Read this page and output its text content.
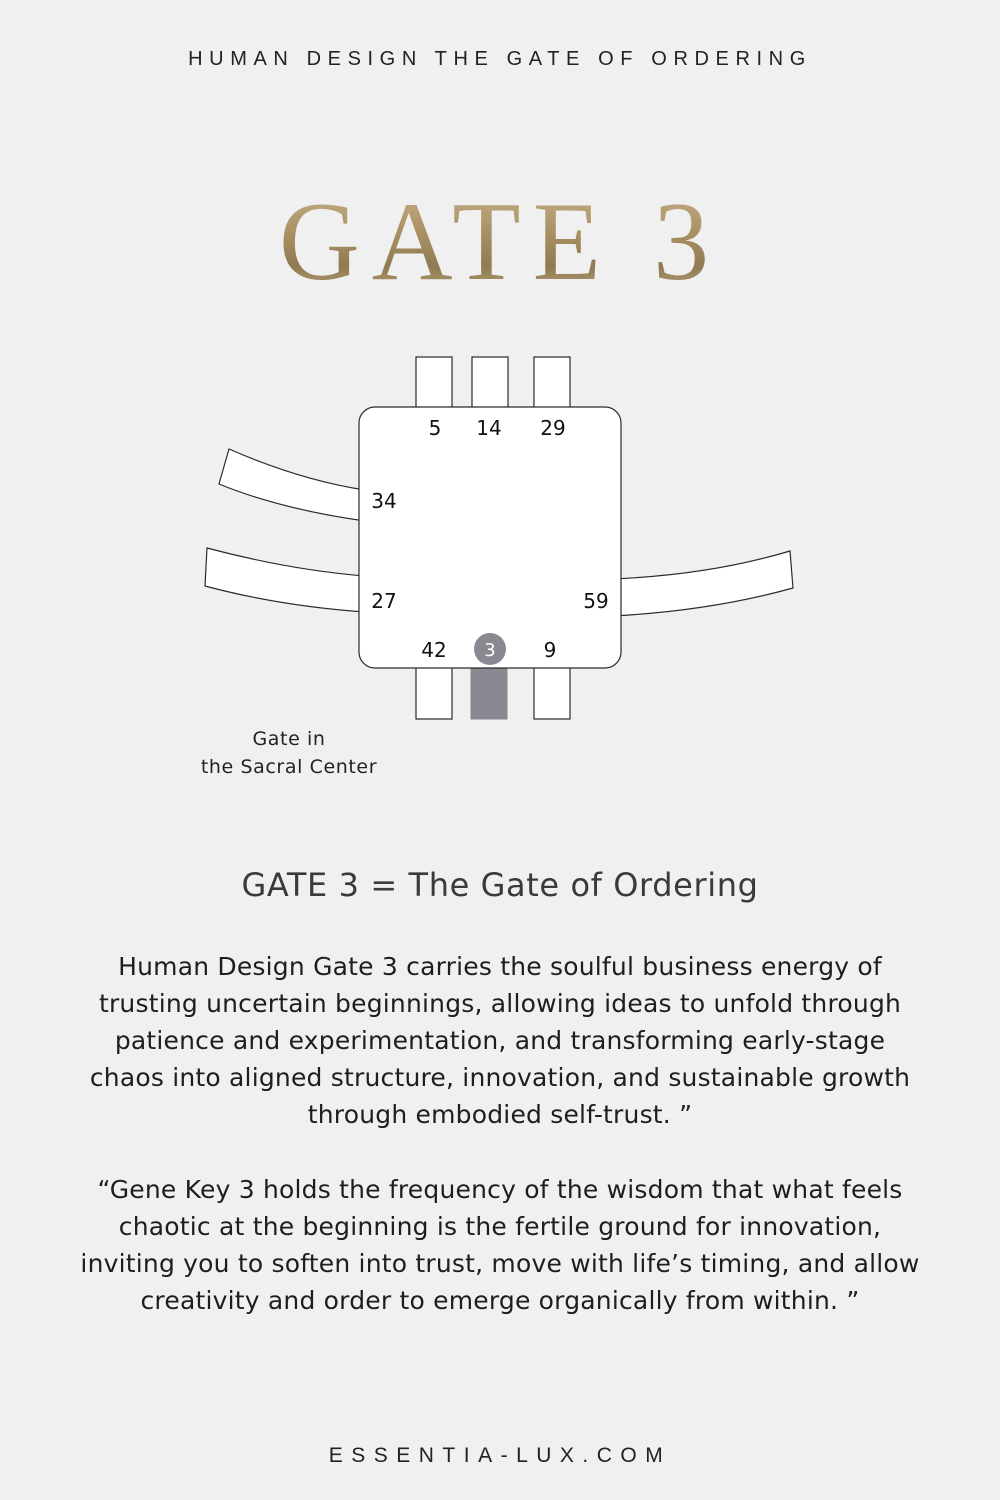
HUMAN DESIGN THE GATE OF ORDERING
GATE 3
5 14 29
34
27	59
42 3 9
Gate in
the Sacral Center
GATE 3 = The Gate of Ordering
Human Design Gate 3 carries the soulful business energy of trusting uncertain beginnings, allowing ideas to unfold through patience and experimentation, and transforming early-stage chaos into aligned structure, innovation, and sustainable growth through embodied self-trust. ”
“Gene Key 3 holds the frequency of the wisdom that what feels chaotic at the beginning is the fertile ground for innovation, inviting you to soften into trust, move with life’s timing, and allow creativity and order to emerge organically from within. ”
ESSENTIA-LUX.COM
